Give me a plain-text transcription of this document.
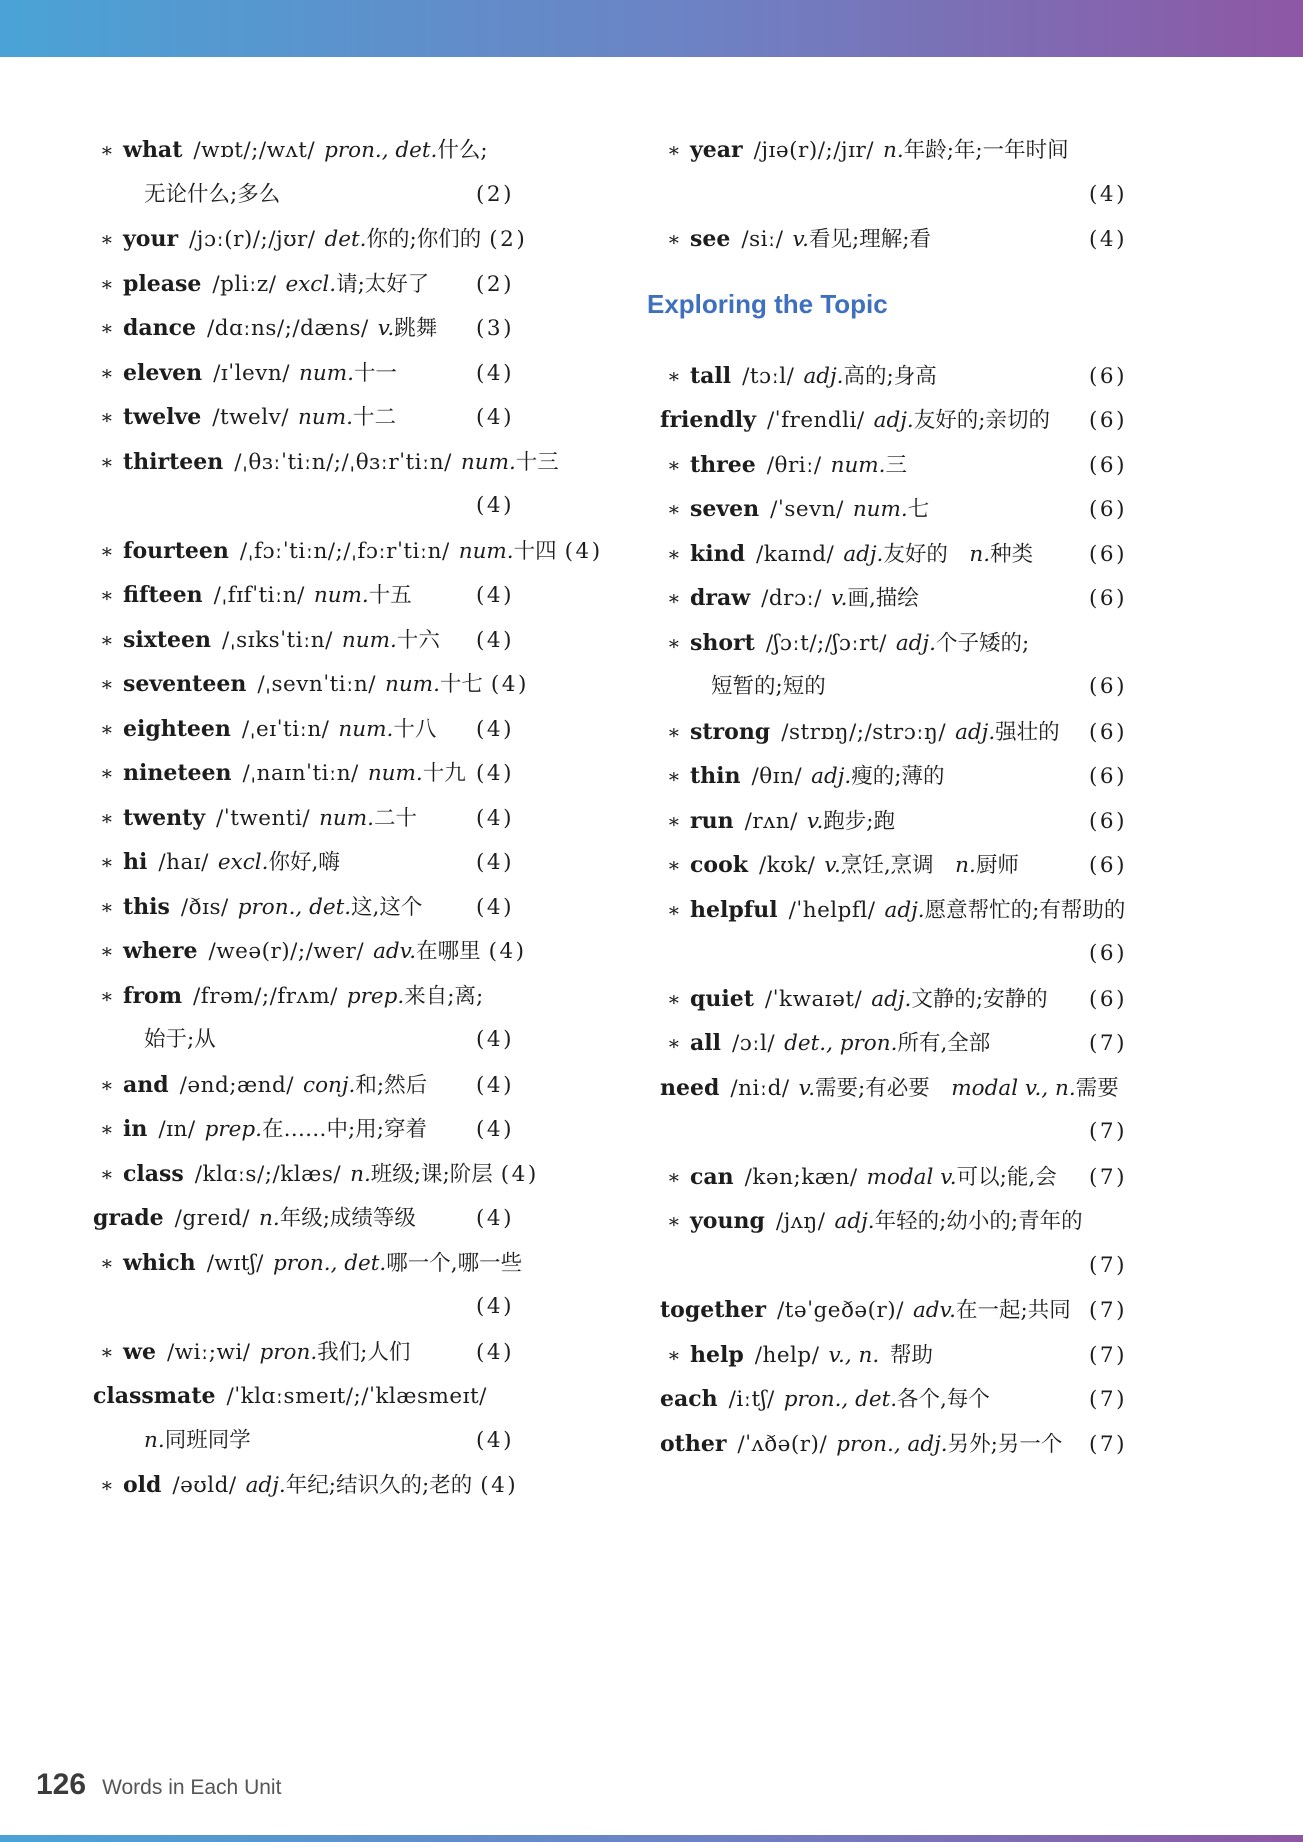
∗ what /wɒt/;/wʌt/ pron., det. 什么;
无论什么;多么	(2)
∗ your /jɔː(r)/;/jʊr/ det. 你的;你们的 (2)
∗ please /pliːz/ excl. 请;太好了	(2)
∗ dance /dɑːns/;/dæns/ v. 跳舞	(3)
∗ eleven /ɪˈlevn/ num. 十一	(4)
∗ twelve /twelv/ num. 十二	(4)
∗ thirteen /ˌθɜːˈtiːn/;/ˌθɜːrˈtiːn/ num. 十三
(4)
∗ fourteen /ˌfɔːˈtiːn/;/ˌfɔːrˈtiːn/ num. 十四 (4)
∗ fifteen /ˌfɪfˈtiːn/ num. 十五	(4)
∗ sixteen /ˌsɪksˈtiːn/ num. 十六	(4)
∗ seventeen /ˌsevnˈtiːn/ num. 十七 (4)
∗ eighteen /ˌeɪˈtiːn/ num. 十八	(4)
∗ nineteen /ˌnaɪnˈtiːn/ num. 十九 (4)
∗ twenty /ˈtwenti/ num. 二十	(4)
∗ hi /haɪ/ excl. 你好,嗨	(4)
∗ this /ðɪs/ pron., det. 这,这个	(4)
∗ where /weə(r)/;/wer/ adv. 在哪里 (4)
∗ from /frəm/;/frʌm/ prep. 来自;离;
始于;从	(4)
∗ and /ənd;ænd/ conj. 和;然后	(4)
∗ in /ɪn/ prep. 在……中;用;穿着	(4)
∗ class /klɑːs/;/klæs/ n. 班级;课;阶层 (4)
grade /greɪd/ n. 年级;成绩等级	(4)
∗ which /wɪtʃ/ pron., det. 哪一个,哪一些
(4)
∗ we /wiː;wi/ pron. 我们;人们	(4)
classmate /ˈklɑːsmeɪt/;/ˈklæsmeɪt/
n. 同班同学	(4)
∗ old /əʊld/ adj. 年纪;结识久的;老的 (4)
∗ year /jɪə(r)/;/jɪr/ n. 年龄;年;一年时间
(4)
∗ see /siː/ v. 看见;理解;看	(4)
Exploring the Topic
∗ tall /tɔːl/ adj. 高的;身高	(6)
friendly /ˈfrendli/ adj. 友好的;亲切的	(6)
∗ three /θriː/ num. 三	(6)
∗ seven /ˈsevn/ num. 七	(6)
∗ kind /kaɪnd/ adj. 友好的  n. 种类	(6)
∗ draw /drɔː/ v. 画,描绘	(6)
∗ short /ʃɔːt/;/ʃɔːrt/ adj. 个子矮的;
短暂的;短的	(6)
∗ strong /strɒŋ/;/strɔːŋ/ adj. 强壮的	(6)
∗ thin /θɪn/ adj. 瘦的;薄的	(6)
∗ run /rʌn/ v. 跑步;跑	(6)
∗ cook /kʊk/ v. 烹饪,烹调  n. 厨师	(6)
∗ helpful /ˈhelpfl/ adj. 愿意帮忙的;有帮助的
(6)
∗ quiet /ˈkwaɪət/ adj. 文静的;安静的	(6)
∗ all /ɔːl/ det., pron. 所有,全部	(7)
need /niːd/ v. 需要;有必要  modal v., n. 需要
(7)
∗ can /kən;kæn/ modal v. 可以;能,会	(7)
∗ young /jʌŋ/ adj. 年轻的;幼小的;青年的
(7)
together /təˈgeðə(r)/ adv. 在一起;共同 (7)
∗ help /help/ v., n.  帮助	(7)
each /iːtʃ/ pron., det. 各个,每个	(7)
other /ˈʌðə(r)/ pron., adj. 另外;另一个	(7)
126 Words in Each Unit
